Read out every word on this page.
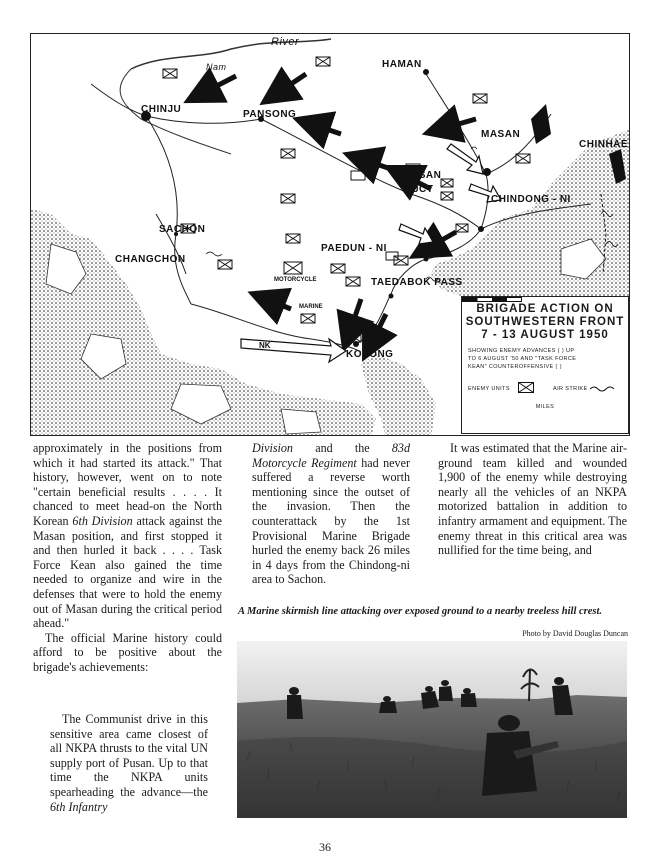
River
Nam	HAMAN
CHINJU	PANSONG
MASAN
CHINHAE
TOSAN
JCT
CHINDONG - NI
SACHON
CHANGCHON
PAEDUN - NI
TAEDABOK PASS
KOSONG
MOTORCYCLE
NK
MARINE	BRIGADE ACTION ON
SOUTHWESTERN FRONT
7 - 13 AUGUST 1950
SHOWING ENEMY ADVANCES ( ) UP
TO 6 AUGUST '50 AND "TASK FORCE
KEAN" COUNTEROFFENSIVE ( )
ENEMY UNITS	AIR STRIKE
MILES

approximately in the positions from which it had started its attack." That history, however, went on to note "certain beneficial results . . . . It chanced to meet head-on the North Korean 6th Division attack against the Masan position, and first stopped it and then hurled it back . . . . Task Force Kean also gained the time needed to organize and wire in the defenses that were to hold the enemy out of Masan during the critical period ahead."

The official Marine history could afford to be positive about the brigade's achievements:

The Communist drive in this sensitive area came closest of all NKPA thrusts to the vital UN supply port of Pusan. Up to that time the NKPA units spearheading the advance—the 6th Infantry

Division and the 83d Motorcycle Regiment had never suffered a reverse worth mentioning since the outset of the invasion. Then the counterattack by the 1st Provisional Marine Brigade hurled the enemy back 26 miles in 4 days from the Chindong-ni area to Sachon.

It was estimated that the Marine air-ground team killed and wounded 1,900 of the enemy while destroying nearly all the vehicles of an NKPA motorized battalion in addition to infantry armament and equipment. The enemy threat in this critical area was nullified for the time being, and

A Marine skirmish line attacking over exposed ground to a nearby treeless hill crest.
Photo by David Douglas Duncan
36
